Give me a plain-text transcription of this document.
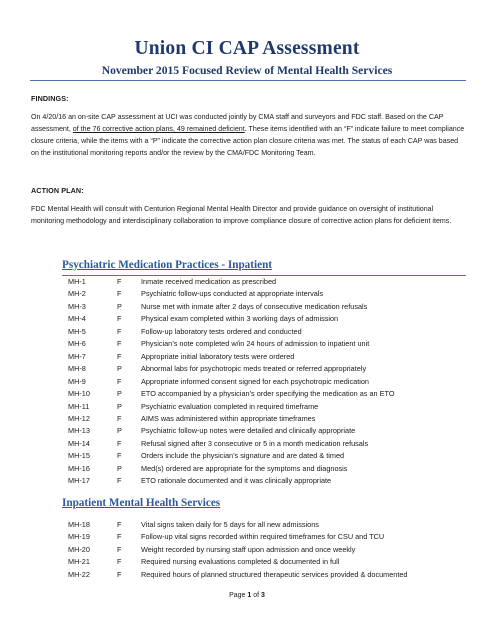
Union CI CAP Assessment
November 2015 Focused Review of Mental Health Services
FINDINGS:
On 4/20/16 an on-site CAP assessment at UCI was conducted jointly by CMA staff and surveyors and FDC staff. Based on the CAP assessment, of the 76 corrective action plans, 49 remained deficient. These items identified with an “F” indicate failure to meet compliance closure criteria, while the items with a “P” indicate the corrective action plan closure criteria was met. The status of each CAP was based on the institutional monitoring reports and/or the review by the CMA/FDC Monitoring Team.
ACTION PLAN:
FDC Mental Health will consult with Centurion Regional Mental Health Director and provide guidance on oversight of institutional monitoring methodology and interdisciplinary collaboration to improve compliance closure of corrective action plans for deficient items.
Psychiatric Medication Practices - Inpatient
MH-1	F	Inmate received medication as prescribed
MH-2	F	Psychiatric follow-ups conducted at appropriate intervals
MH-3	P	Nurse met with inmate after 2 days of consecutive medication refusals
MH-4	F	Physical exam completed within 3 working days of admission
MH-5	F	Follow-up laboratory tests ordered and conducted
MH-6	F	Physician’s note completed w/in 24 hours of admission to inpatient unit
MH-7	F	Appropriate initial laboratory tests were ordered
MH-8	P	Abnormal labs for psychotropic meds treated or referred appropriately
MH-9	F	Appropriate informed consent signed for each psychotropic medication
MH-10	P	ETO accompanied by a physician’s order specifying the medication as an ETO
MH-11	P	Psychiatric evaluation completed in required timeframe
MH-12	F	AIMS was administered within appropriate timeframes
MH-13	P	Psychiatric follow-up notes were detailed and clinically appropriate
MH-14	F	Refusal signed after 3 consecutive or 5 in a month medication refusals
MH-15	F	Orders include the physician’s signature and are dated & timed
MH-16	P	Med(s) ordered are appropriate for the symptoms and diagnosis
MH-17	F	ETO rationale documented and it was clinically appropriate
Inpatient Mental Health Services
MH-18	F	Vital signs taken daily for 5 days for all new admissions
MH-19	F	Follow-up vital signs recorded within required timeframes for CSU and TCU
MH-20	F	Weight recorded by nursing staff upon admission and once weekly
MH-21	F	Required nursing evaluations completed & documented in full
MH-22	F	Required hours of planned structured therapeutic services provided & documented
Page 1 of 3
